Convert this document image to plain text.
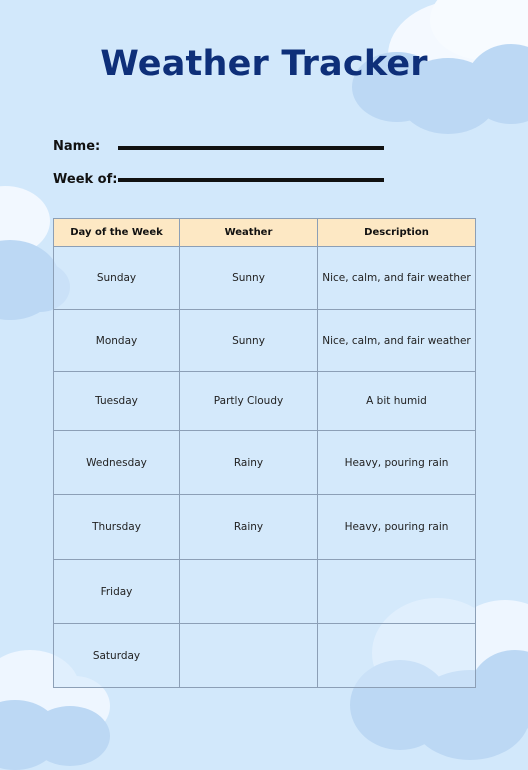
Weather Tracker
Name:
Week of:
Day of the Week	Weather	Description
Sunday	Sunny	Nice, calm, and fair weather
Monday	Sunny	Nice, calm, and fair weather
Tuesday	Partly Cloudy	A bit humid
Wednesday	Rainy	Heavy, pouring rain
Thursday	Rainy	Heavy, pouring rain
Friday		
Saturday		
